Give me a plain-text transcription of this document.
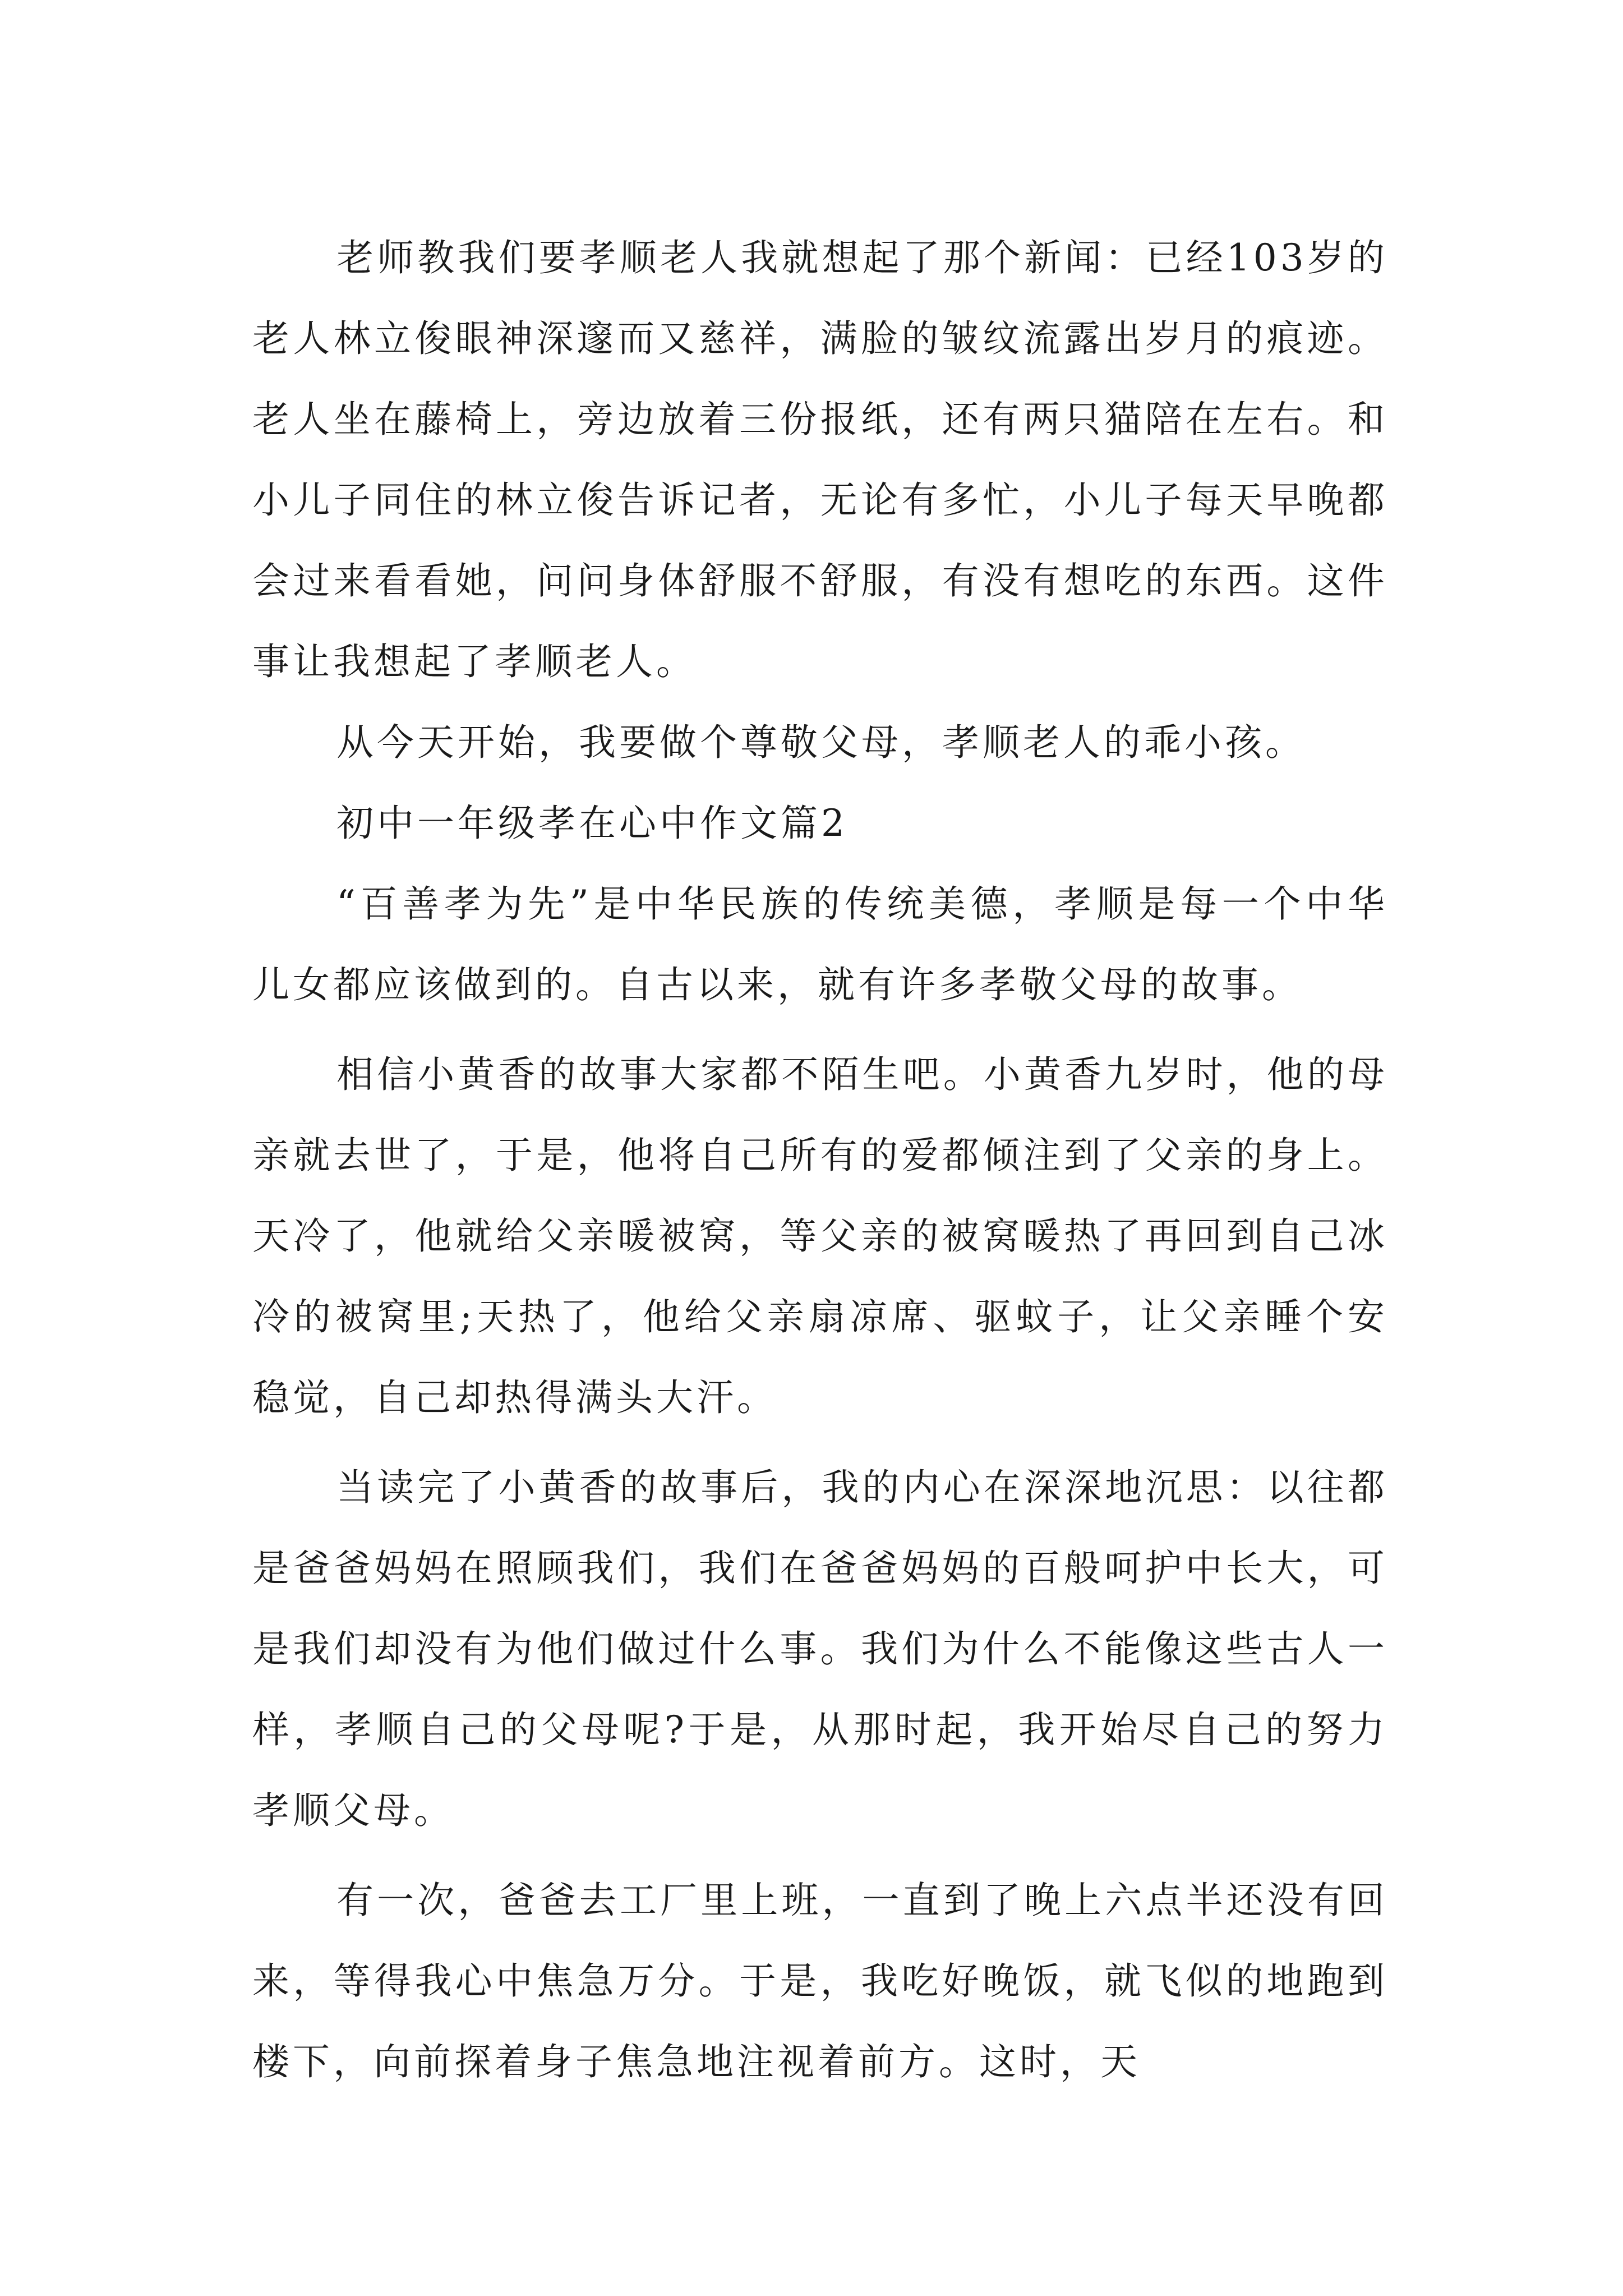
老师教我们要孝顺老人我就想起了那个新闻：已经103岁的老人林立俊眼神深邃而又慈祥，满脸的皱纹流露出岁月的痕迹。老人坐在藤椅上，旁边放着三份报纸，还有两只猫陪在左右。和小儿子同住的林立俊告诉记者，无论有多忙，小儿子每天早晚都会过来看看她，问问身体舒服不舒服，有没有想吃的东西。这件事让我想起了孝顺老人。

从今天开始，我要做个尊敬父母，孝顺老人的乖小孩。

初中一年级孝在心中作文篇2

“百善孝为先”是中华民族的传统美德，孝顺是每一个中华儿女都应该做到的。自古以来，就有许多孝敬父母的故事。

相信小黄香的故事大家都不陌生吧。小黄香九岁时，他的母亲就去世了，于是，他将自己所有的爱都倾注到了父亲的身上。天冷了，他就给父亲暖被窝，等父亲的被窝暖热了再回到自己冰冷的被窝里;天热了，他给父亲扇凉席、驱蚊子，让父亲睡个安稳觉，自己却热得满头大汗。

当读完了小黄香的故事后，我的内心在深深地沉思：以往都是爸爸妈妈在照顾我们，我们在爸爸妈妈的百般呵护中长大，可是我们却没有为他们做过什么事。我们为什么不能像这些古人一样，孝顺自己的父母呢?于是，从那时起，我开始尽自己的努力孝顺父母。

有一次，爸爸去工厂里上班，一直到了晚上六点半还没有回来，等得我心中焦急万分。于是，我吃好晚饭，就飞似的地跑到楼下，向前探着身子焦急地注视着前方。这时，天
